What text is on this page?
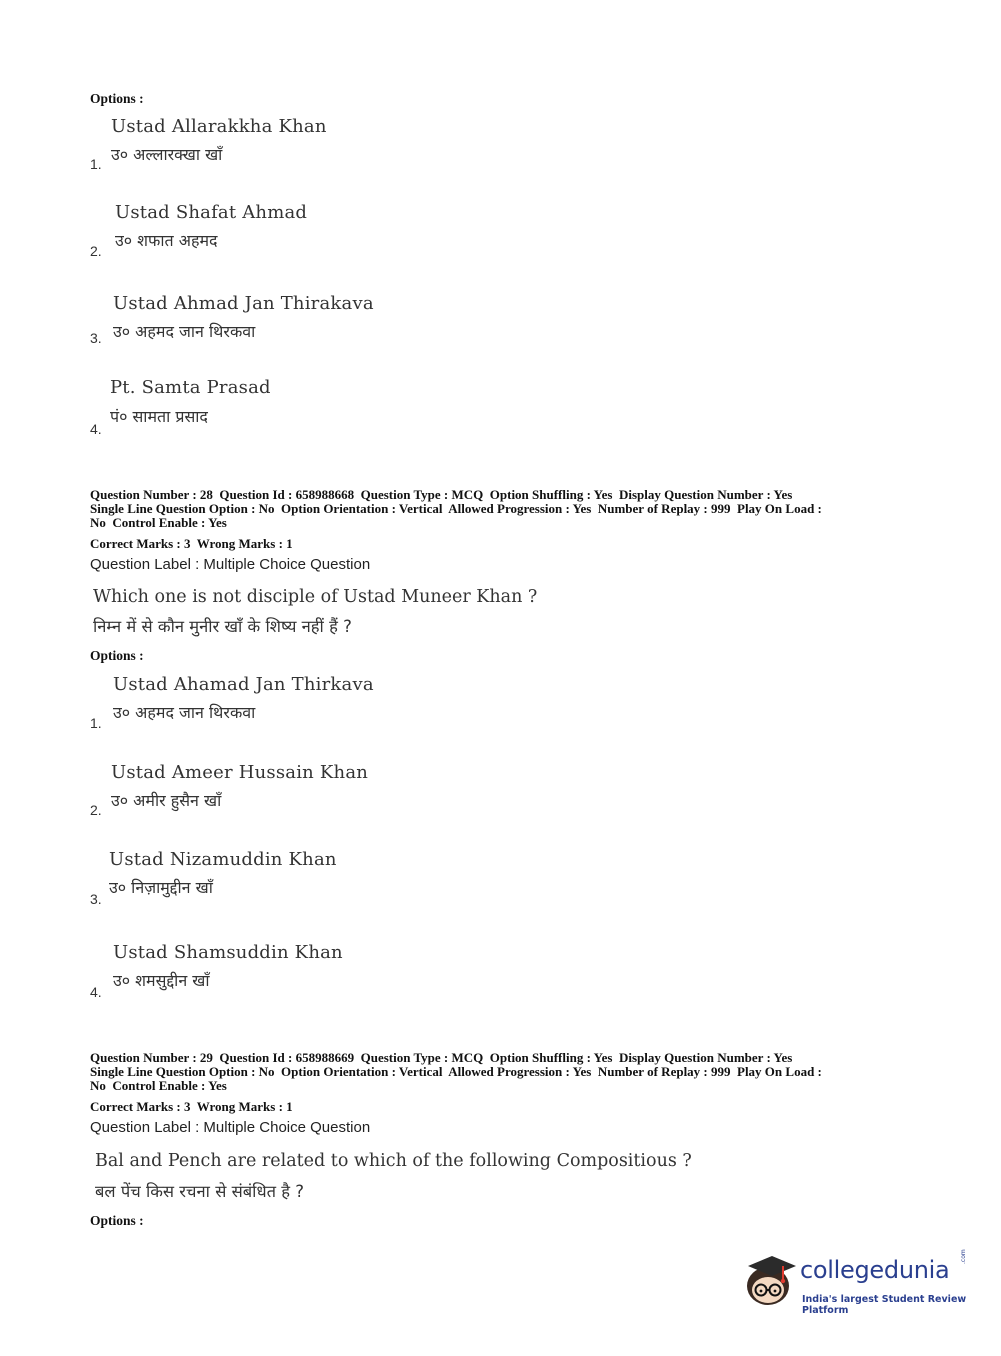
Options :
Ustad Allarakkha Khan
उ० अल्लारक्खा खाँ
1.
Ustad Shafat Ahmad
उ० शफात अहमद
2.
Ustad Ahmad Jan Thirakava
उ० अहमद जान थिरकवा
3.
Pt. Samta Prasad
पं० सामता प्रसाद
4.
Question Number : 28  Question Id : 658988668  Question Type : MCQ  Option Shuffling : Yes  Display Question Number : Yes
Single Line Question Option : No  Option Orientation : Vertical  Allowed Progression : Yes  Number of Replay : 999  Play On Load :
No  Control Enable : Yes
Correct Marks : 3  Wrong Marks : 1
Question Label : Multiple Choice Question
Which one is not disciple of Ustad Muneer Khan ?
निम्न में से कौन मुनीर खाँ के शिष्य नहीं हैं ?
Options :
Ustad Ahamad Jan Thirkava
उ० अहमद जान थिरकवा
1.
Ustad Ameer Hussain Khan
उ० अमीर हुसैन खाँ
2.
Ustad Nizamuddin Khan
उ० निज़ामुद्दीन खाँ
3.
Ustad Shamsuddin Khan
उ० शमसुद्दीन खाँ
4.
Question Number : 29  Question Id : 658988669  Question Type : MCQ  Option Shuffling : Yes  Display Question Number : Yes
Single Line Question Option : No  Option Orientation : Vertical  Allowed Progression : Yes  Number of Replay : 999  Play On Load :
No  Control Enable : Yes
Correct Marks : 3  Wrong Marks : 1
Question Label : Multiple Choice Question
Bal and Pench are related to which of the following Compositious ?
बल पेंच किस रचना से संबंधित है ?
Options :
collegedunia .com
India's largest Student Review Platform
